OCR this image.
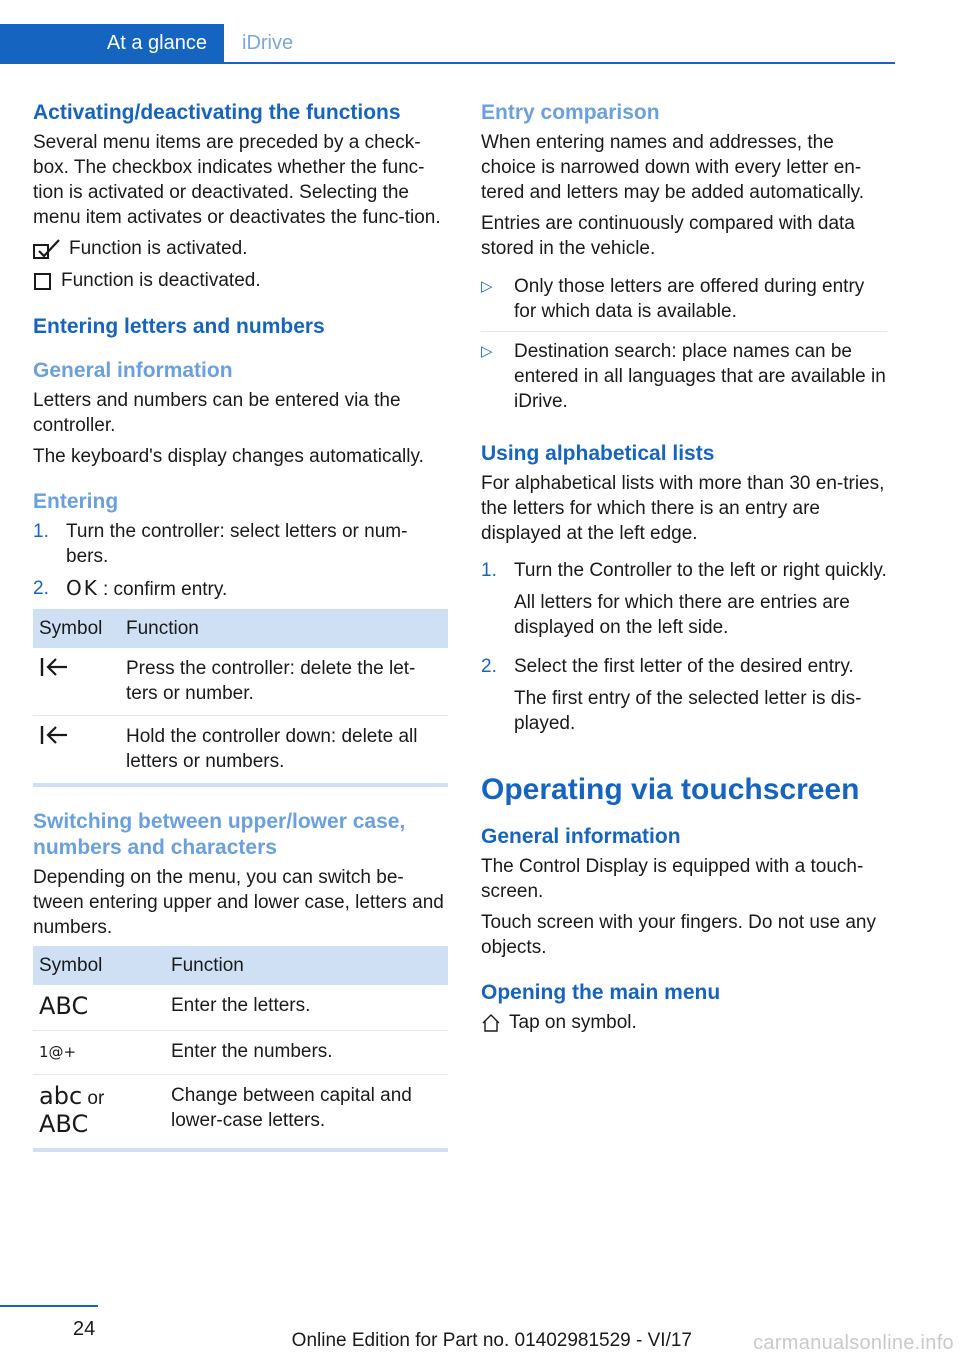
At a glance iDrive
Activating/deactivating the functions

Several menu items are preceded by a check-box. The checkbox indicates whether the func-tion is activated or deactivated. Selecting the menu item activates or deactivates the func-tion.

Function is activated.
Function is deactivated.
Entering letters and numbers
General information

Letters and numbers can be entered via the controller.

The keyboard's display changes automatically.

Entering
1. Turn the controller: select letters or num-bers.
2. OK : confirm entry.
Symbol	Function
	Press the controller: delete the let-ters or number.
	Hold the controller down: delete all letters or numbers.
Switching between upper/lower case, numbers and characters

Depending on the menu, you can switch be-tween entering upper and lower case, letters and numbers.

Symbol	Function
ABC	Enter the letters.
1@+	Enter the numbers.
abc or
ABC	Change between capital and lower-case letters.
Entry comparison

When entering names and addresses, the choice is narrowed down with every letter en-tered and letters may be added automatically.

Entries are continuously compared with data stored in the vehicle.

▷	Only those letters are offered during entry for which data is available.
▷	Destination search: place names can be entered in all languages that are available in iDrive.
Using alphabetical lists

For alphabetical lists with more than 30 en-tries, the letters for which there is an entry are displayed at the left edge.

1. Turn the Controller to the left or right quickly.

All letters for which there are entries are displayed on the left side.

2. Select the first letter of the desired entry.

The first entry of the selected letter is dis-played.

Operating via touchscreen
General information

The Control Display is equipped with a touch-screen.

Touch screen with your fingers. Do not use any objects.

Opening the main menu
Tap on symbol.
24
Online Edition for Part no. 01402981529 - VI/17	carmanualsonline.info
